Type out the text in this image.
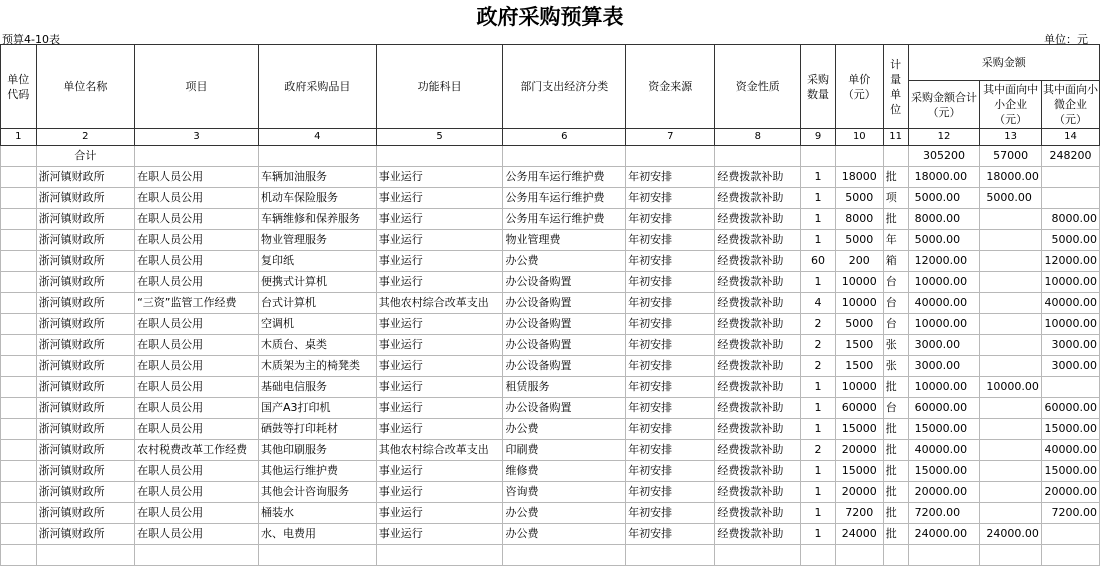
政府采购预算表
预算4-10表	单位：元
单位代码	单位名称	项目	政府采购品目	功能科目	部门支出经济分类	资金来源	资金性质	采购数量	单价（元）	计量单位	采购金额		
											采购金额合计（元）	其中面向中小企业（元）	其中面向小微企业（元）
1	2	3	4	5	6	7	8	9	10	11	12	13	14
	合计										305200	57000	248200
	浙河镇财政所	在职人员公用	车辆加油服务	事业运行	公务用车运行维护费	年初安排	经费拨款补助	1	18000	批	18000.00	18000.00	
	浙河镇财政所	在职人员公用	机动车保险服务	事业运行	公务用车运行维护费	年初安排	经费拨款补助	1	5000	项	5000.00	5000.00	
	浙河镇财政所	在职人员公用	车辆维修和保养服务	事业运行	公务用车运行维护费	年初安排	经费拨款补助	1	8000	批	8000.00		8000.00
	浙河镇财政所	在职人员公用	物业管理服务	事业运行	物业管理费	年初安排	经费拨款补助	1	5000	年	5000.00		5000.00
	浙河镇财政所	在职人员公用	复印纸	事业运行	办公费	年初安排	经费拨款补助	60	200	箱	12000.00		12000.00
	浙河镇财政所	在职人员公用	便携式计算机	事业运行	办公设备购置	年初安排	经费拨款补助	1	10000	台	10000.00		10000.00
	浙河镇财政所	“三资”监管工作经费	台式计算机	其他农村综合改革支出	办公设备购置	年初安排	经费拨款补助	4	10000	台	40000.00		40000.00
	浙河镇财政所	在职人员公用	空调机	事业运行	办公设备购置	年初安排	经费拨款补助	2	5000	台	10000.00		10000.00
	浙河镇财政所	在职人员公用	木质台、桌类	事业运行	办公设备购置	年初安排	经费拨款补助	2	1500	张	3000.00		3000.00
	浙河镇财政所	在职人员公用	木质架为主的椅凳类	事业运行	办公设备购置	年初安排	经费拨款补助	2	1500	张	3000.00		3000.00
	浙河镇财政所	在职人员公用	基础电信服务	事业运行	租赁服务	年初安排	经费拨款补助	1	10000	批	10000.00	10000.00	
	浙河镇财政所	在职人员公用	国产A3打印机	事业运行	办公设备购置	年初安排	经费拨款补助	1	60000	台	60000.00		60000.00
	浙河镇财政所	在职人员公用	硒鼓等打印耗材	事业运行	办公费	年初安排	经费拨款补助	1	15000	批	15000.00		15000.00
	浙河镇财政所	农村税费改革工作经费	其他印刷服务	其他农村综合改革支出	印刷费	年初安排	经费拨款补助	2	20000	批	40000.00		40000.00
	浙河镇财政所	在职人员公用	其他运行维护费	事业运行	维修费	年初安排	经费拨款补助	1	15000	批	15000.00		15000.00
	浙河镇财政所	在职人员公用	其他会计咨询服务	事业运行	咨询费	年初安排	经费拨款补助	1	20000	批	20000.00		20000.00
	浙河镇财政所	在职人员公用	桶装水	事业运行	办公费	年初安排	经费拨款补助	1	7200	批	7200.00		7200.00
	浙河镇财政所	在职人员公用	水、电费用	事业运行	办公费	年初安排	经费拨款补助	1	24000	批	24000.00	24000.00	
